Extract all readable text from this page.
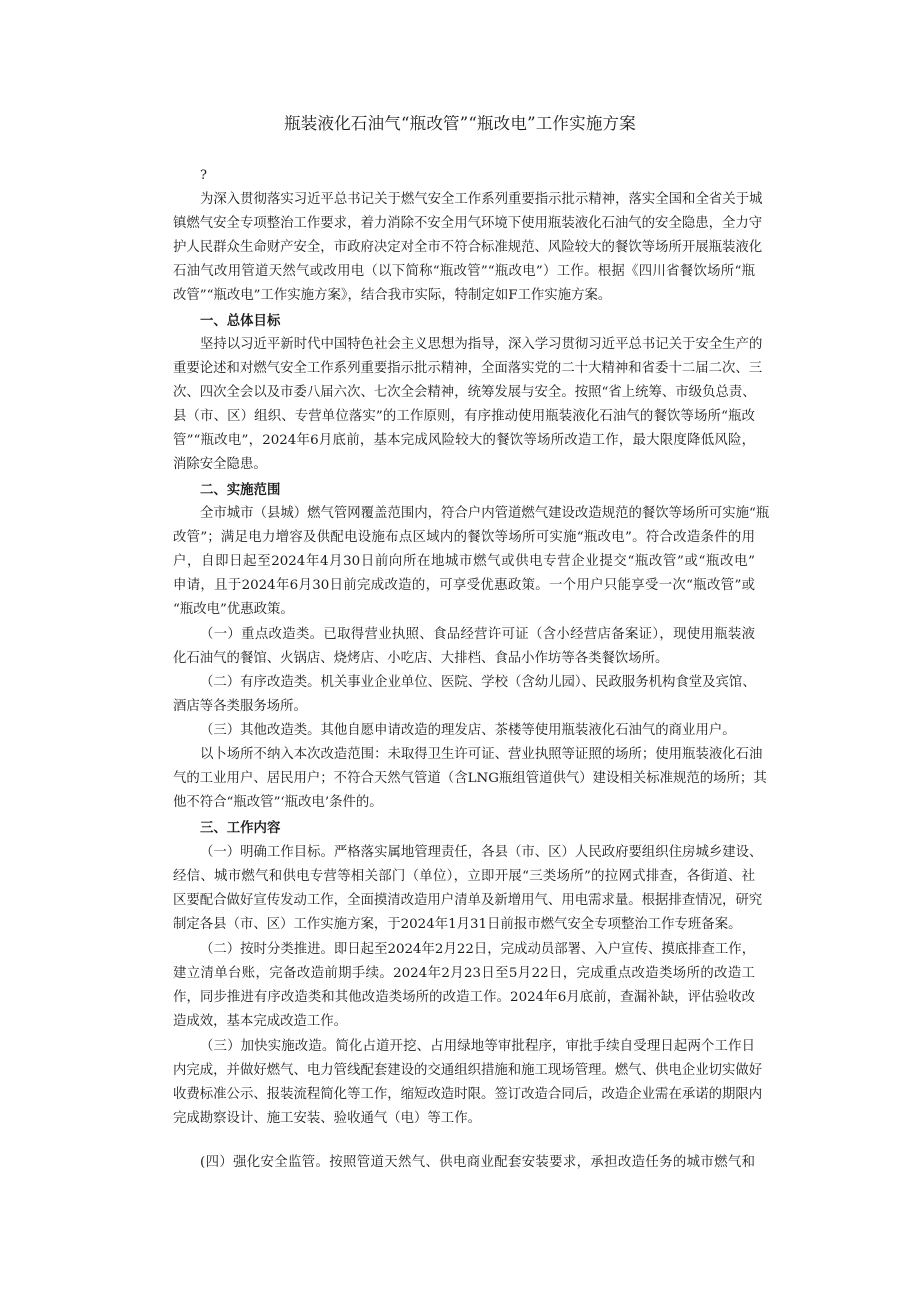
瓶装液化石油气“瓶改管”“瓶改电”工作实施方案
?
为深入贯彻落实习近平总书记关于燃气安全工作系列重要指示批示精神，落实全国和全省关于城
镇燃气安全专项整治工作要求，着力消除不安全用气环境下使用瓶装液化石油气的安全隐患，全力守
护人民群众生命财产安全，市政府决定对全市不符合标准规范、风险较大的餐饮等场所开展瓶装液化
石油气改用管道天然气或改用电（以下简称“瓶改管”“瓶改电”）工作。根据《四川省餐饮场所“瓶
改管”“瓶改电”工作实施方案》，结合我市实际，特制定如F工作实施方案。
一、总体目标
坚持以习近平新时代中国特色社会主义思想为指导，深入学习贯彻习近平总书记关于安全生产的
重要论述和对燃气安全工作系列重要指示批示精神，全面落实党的二十大精神和省委十二届二次、三
次、四次全会以及市委八届六次、七次全会精神，统筹发展与安全。按照“省上统筹、市级负总责、
县（市、区）组织、专营单位落实”的工作原则，有序推动使用瓶装液化石油气的餐饮等场所“瓶改
管”“瓶改电”，2024年6月底前，基本完成风险较大的餐饮等场所改造工作，最大限度降低风险，
消除安全隐患。
二、实施范围
全市城市（县城）燃气管网覆盖范围内，符合户内管道燃气建设改造规范的餐饮等场所可实施“瓶
改管”；满足电力增容及供配电设施布点区域内的餐饮等场所可实施“瓶改电”。符合改造条件的用
户，自即日起至2024年4月30日前向所在地城市燃气或供电专营企业提交“瓶改管”或“瓶改电”
申请，且于2024年6月30日前完成改造的，可享受优惠政策。一个用户只能享受一次“瓶改管”或
“瓶改电”优惠政策。
（一）重点改造类。已取得营业执照、食品经营许可证（含小经营店备案证），现使用瓶装液
化石油气的餐馆、火锅店、烧烤店、小吃店、大排档、食品小作坊等各类餐饮场所。
（二）有序改造类。机关事业企业单位、医院、学校（含幼儿园）、民政服务机构食堂及宾馆、
酒店等各类服务场所。
（三）其他改造类。其他自愿申请改造的理发店、茶楼等使用瓶装液化石油气的商业用户。
以卜场所不纳入本次改造范围：未取得卫生许可证、营业执照等证照的场所；使用瓶装液化石油
气的工业用户、居民用户；不符合天然气管道（含LNG瓶组管道供气）建设相关标准规范的场所；其
他不符合“瓶改管”‘瓶改电’条件的。
三、工作内容
（一）明确工作目标。严格落实属地管理责任，各县（市、区）人民政府要组织住房城乡建设、
经信、城市燃气和供电专营等相关部门（单位），立即开展“三类场所”的拉网式排查，各街道、社
区要配合做好宣传发动工作，全面摸清改造用户清单及新增用气、用电需求量。根据排查情况，研究
制定各县（市、区）工作实施方案，于2024年1月31日前报市燃气安全专项整治工作专班备案。
（二）按时分类推进。即日起至2024年2月22日，完成动员部署、入户宣传、摸底排查工作，
建立清单台账，完备改造前期手续。2024年2月23日至5月22日，完成重点改造类场所的改造工
作，同步推进有序改造类和其他改造类场所的改造工作。2024年6月底前，查漏补缺，评估验收改
造成效，基本完成改造工作。
（三）加快实施改造。简化占道开挖、占用绿地等审批程序，审批手续自受理日起两个工作日
内完成，并做好燃气、电力管线配套建设的交通组织措施和施工现场管理。燃气、供电企业切实做好
收费标准公示、报装流程简化等工作，缩短改造时限。签订改造合同后，改造企业需在承诺的期限内
完成勘察设计、施工安装、验收通气（电）等工作。
(四）强化安全监管。按照管道天然气、供电商业配套安装要求，承担改造任务的城市燃气和
